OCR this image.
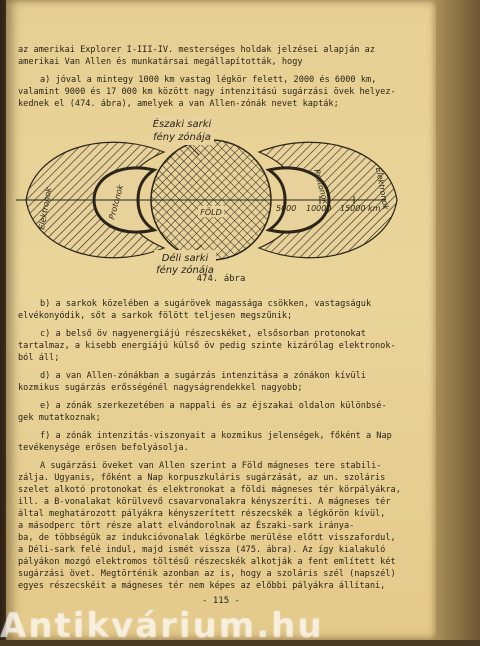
az amerikai Explorer I-III-IV. mesterséges holdak jelzései alapján az
amerikai Van Allen és munkatársai megállapították, hogy
a) jóval a mintegy 1000 km vastag légkör felett, 2000 és 6000 km,
valamint 9000 és 17 000 km között nagy intenzitású sugárzási övek helyez-
kednek el (474. ábra), amelyek a van Allen-zónák nevet kapták;
Északi sarki
fény zónája
Déli sarki
fény zónája
FÖLD
Protonok	Protonok
Elektronok	Elektronok
5000 10000 15000 km
474. ábra
b) a sarkok közelében a sugárövek magassága csökken, vastagságuk
elvékonyódik, sőt a sarkok fölött teljesen megszűnik;
c) a belső öv nagyenergiájú részecskéket, elsősorban protonokat
tartalmaz, a kisebb energiájú külső öv pedig szinte kizárólag elektronok-
ból áll;
d) a van Allen-zónákban a sugárzás intenzitása a zónákon kívüli
kozmikus sugárzás erősségénél nagyságrendekkel nagyobb;
e) a zónák szerkezetében a nappali és az éjszakai oldalon különbsé-
gek mutatkoznak;
f) a zónák intenzitás-viszonyait a kozmikus jelenségek, főként a Nap
tevékenysége erősen befolyásolja.
A sugárzási öveket van Allen szerint a Föld mágneses tere stabili-
zálja. Ugyanis, főként a Nap korpuszkuláris sugárzását, az un. szoláris
szelet alkotó protonokat és elektronokat a földi mágneses tér körpályákra,
ill. a B-vonalakat körülvevő csavarvonalakra kényszeríti. A mágneses tér
által meghatározott pályákra kényszerített részecskék a légkörön kívül,
a másodperc tört része alatt elvándorolnak az Északi-sark iránya-
ba, de többségük az indukcióvonalak légkörbe merülése előtt visszafordul,
a Déli-sark felé indul, majd ismét vissza (475. ábra). Az így kialakuló
pályákon mozgó elektromos töltésű részecskék alkotják a fent említett két
sugárzási övet. Megtörténik azonban az is, hogy a szoláris szél (napszél)
egyes részecskéit a mágneses tér nem képes az előbbi pályákra állítani,
- 115 -
Antikvárium.hu
